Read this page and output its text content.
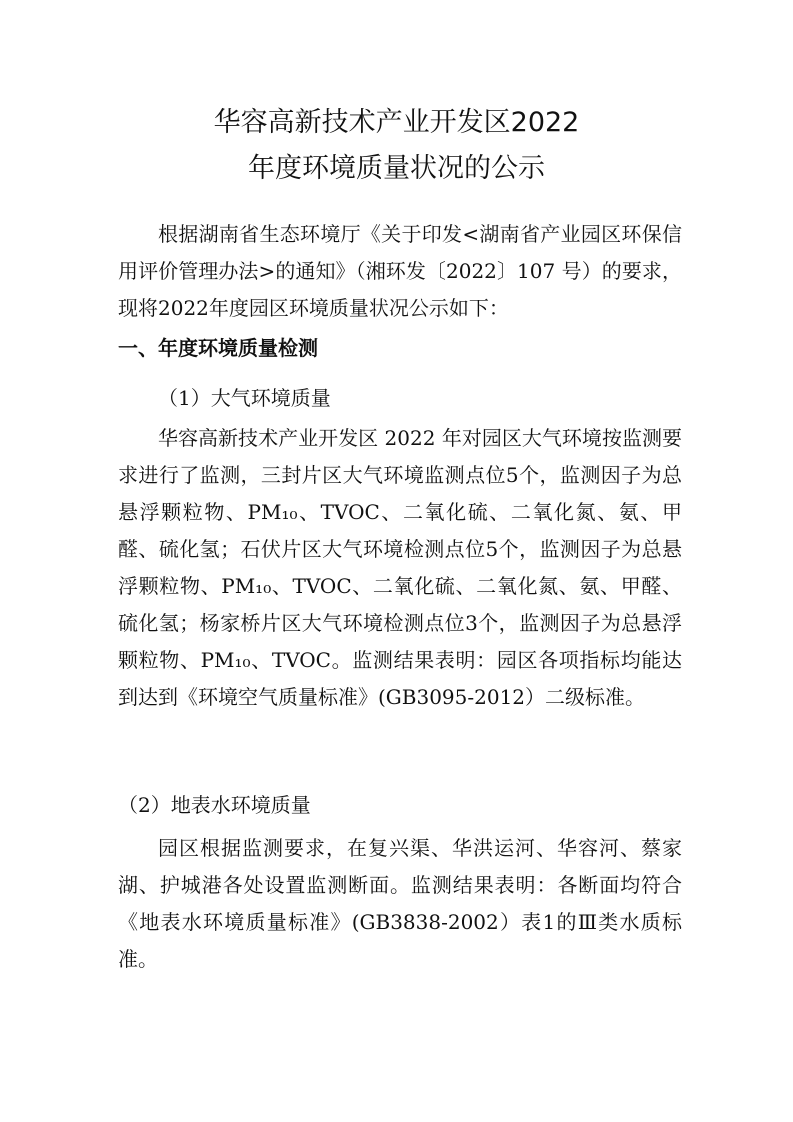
华容高新技术产业开发区2022
年度环境质量状况的公示

根据湖南省生态环境厅《关于印发<湖南省产业园区环保信用评价管理办法>的通知》（湘环发〔2022〕107 号）的要求，现将2022年度园区环境质量状况公示如下：

一、年度环境质量检测

（1）大气环境质量

华容高新技术产业开发区 2022 年对园区大气环境按监测要求进行了监测，三封片区大气环境监测点位5个，监测因子为总悬浮颗粒物、PM₁₀、TVOC、二氧化硫、二氧化氮、氨、甲醛、硫化氢；石伏片区大气环境检测点位5个，监测因子为总悬浮颗粒物、PM₁₀、TVOC、二氧化硫、二氧化氮、氨、甲醛、硫化氢；杨家桥片区大气环境检测点位3个，监测因子为总悬浮颗粒物、PM₁₀、TVOC。监测结果表明：园区各项指标均能达到达到《环境空气质量标准》(GB3095-2012）二级标准。

（2）地表水环境质量

园区根据监测要求，在复兴渠、华洪运河、华容河、蔡家湖、护城港各处设置监测断面。监测结果表明：各断面均符合《地表水环境质量标准》(GB3838-2002）表1的Ⅲ类水质标准。
